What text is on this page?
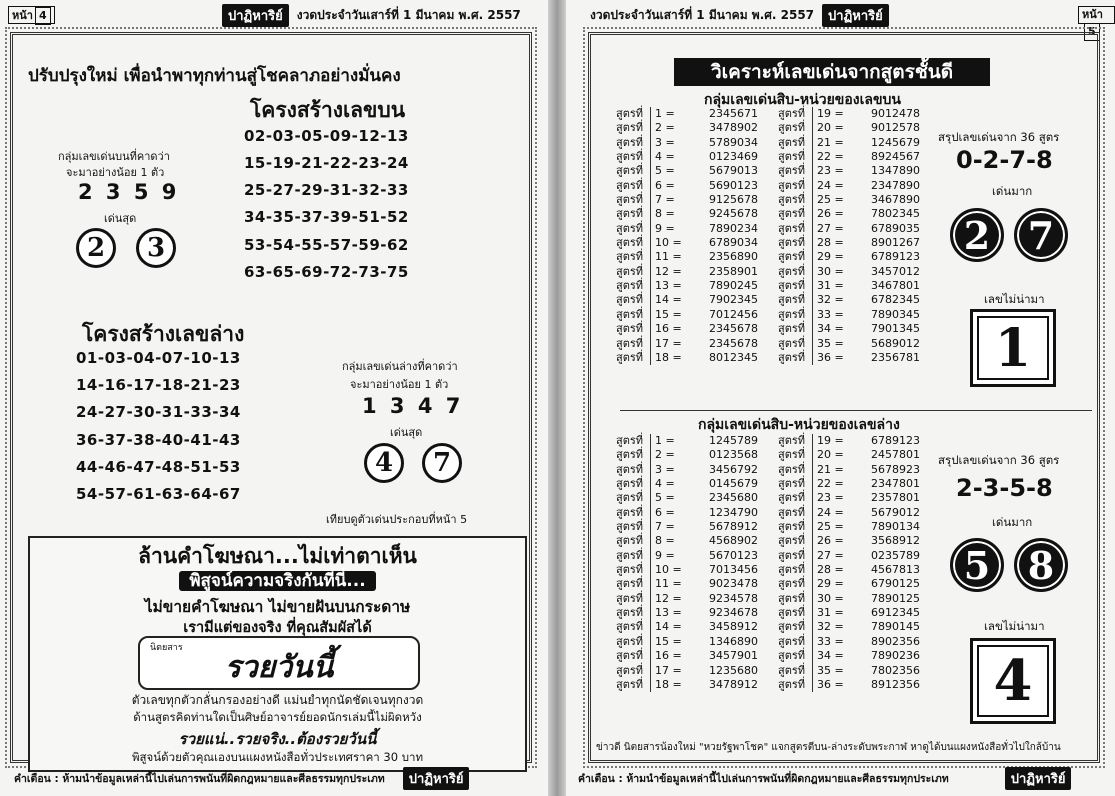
หน้า 4	ปาฏิหาริย์	งวดประจำวันเสาร์ที่ 1 มีนาคม พ.ศ. 2557
ปรับปรุงใหม่ เพื่อนำพาทุกท่านสู่โชคลาภอย่างมั่นคง
โครงสร้างเลขบน
02-03-05-09-12-13
15-19-21-22-23-24
25-27-29-31-32-33
34-35-37-39-51-52
53-54-55-57-59-62
63-65-69-72-73-75
กลุ่มเลขเด่นบนที่คาดว่า
จะมาอย่างน้อย 1 ตัว
2 3 5 9
เด่นสุด
2	3
โครงสร้างเลขล่าง
01-03-04-07-10-13
14-16-17-18-21-23
24-27-30-31-33-34
36-37-38-40-41-43
44-46-47-48-51-53
54-57-61-63-64-67
กลุ่มเลขเด่นล่างที่คาดว่า
จะมาอย่างน้อย 1 ตัว
1 3 4 7
เด่นสุด
4	7
เทียบดูตัวเด่นประกอบที่หน้า 5
ล้านคำโฆษณา...ไม่เท่าตาเห็น
พิสูจน์ความจริงกันที่นี่...
ไม่ขายคำโฆษณา ไม่ขายฝันบนกระดาษ
เรามีแต่ของจริง ที่คุณสัมผัสได้
นิตยสาร
รวยวันนี้
ตัวเลขทุกตัวกลั่นกรองอย่างดี แม่นยำทุกนัดชัดเจนทุกงวด
ด้านสูตรคิดท่านใดเป็นศิษย์อาจารย์ยอดนักรเล่มนี้ไม่ผิดหวัง
รวยแน่..รวยจริง..ต้องรวยวันนี้
พิสูจน์ด้วยตัวคุณเองบนแผงหนังสือทั่วประเทศราคา 30 บาท
คำเตือน : ห้ามนำข้อมูลเหล่านี้ไปเล่นการพนันที่ผิดกฎหมายและศีลธรรมทุกประเภท	ปาฏิหาริย์
งวดประจำวันเสาร์ที่ 1 มีนาคม พ.ศ. 2557	ปาฏิหาริย์	หน้า5
วิเคราะห์เลขเด่นจากสูตรชั้นดี
กลุ่มเลขเด่นสิบ-หน่วยของเลขบน
สูตรที่	1 =	2345671
สูตรที่	2 =	3478902
สูตรที่	3 =	5789034
สูตรที่	4 =	0123469
สูตรที่	5 =	5679013
สูตรที่	6 =	5690123
สูตรที่	7 =	9125678
สูตรที่	8 =	9245678
สูตรที่	9 =	7890234
สูตรที่	10 =	6789034
สูตรที่	11 =	2356890
สูตรที่	12 =	2358901
สูตรที่	13 =	7890245
สูตรที่	14 =	7902345
สูตรที่	15 =	7012456
สูตรที่	16 =	2345678
สูตรที่	17 =	2345678
สูตรที่	18 =	8012345
สูตรที่	19 =	9012478
สูตรที่	20 =	9012578
สูตรที่	21 =	1245679
สูตรที่	22 =	8924567
สูตรที่	23 =	1347890
สูตรที่	24 =	2347890
สูตรที่	25 =	3467890
สูตรที่	26 =	7802345
สูตรที่	27 =	6789035
สูตรที่	28 =	8901267
สูตรที่	29 =	6789123
สูตรที่	30 =	3457012
สูตรที่	31 =	3467801
สูตรที่	32 =	6782345
สูตรที่	33 =	7890345
สูตรที่	34 =	7901345
สูตรที่	35 =	5689012
สูตรที่	36 =	2356781
สรุปเลขเด่นจาก 36 สูตร
0-2-7-8
เด่นมาก
2 7
เลขไม่น่ามา
1
กลุ่มเลขเด่นสิบ-หน่วยของเลขล่าง
สูตรที่	1 =	1245789
สูตรที่	2 =	0123568
สูตรที่	3 =	3456792
สูตรที่	4 =	0145679
สูตรที่	5 =	2345680
สูตรที่	6 =	1234790
สูตรที่	7 =	5678912
สูตรที่	8 =	4568902
สูตรที่	9 =	5670123
สูตรที่	10 =	7013456
สูตรที่	11 =	9023478
สูตรที่	12 =	9234578
สูตรที่	13 =	9234678
สูตรที่	14 =	3458912
สูตรที่	15 =	1346890
สูตรที่	16 =	3457901
สูตรที่	17 =	1235680
สูตรที่	18 =	3478912
สูตรที่	19 =	6789123
สูตรที่	20 =	2457801
สูตรที่	21 =	5678923
สูตรที่	22 =	2347801
สูตรที่	23 =	2357801
สูตรที่	24 =	5679012
สูตรที่	25 =	7890134
สูตรที่	26 =	3568912
สูตรที่	27 =	0235789
สูตรที่	28 =	4567813
สูตรที่	29 =	6790125
สูตรที่	30 =	7890125
สูตรที่	31 =	6912345
สูตรที่	32 =	7890145
สูตรที่	33 =	8902356
สูตรที่	34 =	7890236
สูตรที่	35 =	7802356
สูตรที่	36 =	8912356
สรุปเลขเด่นจาก 36 สูตร
2-3-5-8
เด่นมาก
5 8
เลขไม่น่ามา
4
ข่าวดี นิตยสารน้องใหม่ "หวยรัฐพาโชค" แจกสูตรตีบน-ล่างระดับพระกาฬ หาดูได้บนแผงหนังสือทั่วไปใกล้บ้าน
คำเตือน : ห้ามนำข้อมูลเหล่านี้ไปเล่นการพนันที่ผิดกฎหมายและศีลธรรมทุกประเภท	ปาฏิหาริย์
